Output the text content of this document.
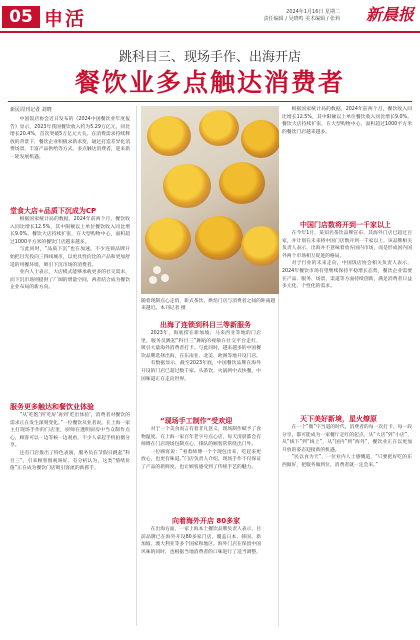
05 申活	2024年1月16日 星期二
责任编辑 / 吴晓鸣 美术编辑 / 张莉 新晨报
跳科目三、现场手作、出海开店
餐饮业多点触达消费者
新民周刊记者 刘晓

中国饭店协会近日发布的《2024中国餐饮业年度报告》显示，2023年我国餐饮收入约为5.29万亿元，同比增长20.4%，首次突破5万亿元大关。在消费需求持续释放的背景下，餐饮企业积极求新求变，通过打造差异化消费场景、丰富产品供给等方式，多点触达消费者，迎来新一轮发展机遇。

堂食大店+品质下沉成为CP

根据国家统计局的数据，2024年前两个月，餐饮收入同比增长12.5%，其中限额以上单位餐饮收入同比增长9.0%。餐饮大店持续扩张，在大型购物中心，面积超过1000平方米的餐饮门店越来越多。

与此同时，“品质下沉”也在加速。不少连锁品牌开始把目光投向三四线城市，以更具性价比的产品和更加舒适的用餐环境，吸引下沉市场的消费者。

业内人士表示，大店模式能够承载更多的社交需求，而下沉市场则提供了广阔的增量空间，两者结合成为餐饮企业布局的新方向。

服务更多触达和餐饮业体验

“从‘吃饱’到‘吃好’再到‘吃出体验’，消费者对餐饮的需求正在发生深刻变化。”一位餐饮从业者说。在上海一家主打现场手作的门店里，厨师在透明厨房中当众制作点心，顾客可以一边等候一边观看，不少人拿起手机拍摄分享。

还有门店推出了特色表演，服务员在节假日跳起“科目三”，引来顾客围观叫好。有分析认为，这类“情绪价值”正在成为餐饮门店吸引客流的新抓手。

随着现制点心走俏，新式茶饮、烘焙门店与消费者之间的距离越来越近。本刊记者 摄
出海了连锁到科目三等新服务

2023年，海底捞在新加坡、马来西亚等地的门店里，服务员跳起“科目三”舞蹈的视频在社交平台走红，吸引大量海外消费者打卡。与此同时，越来越多的中国餐饮品牌选择出海，在东南亚、北美、欧洲等地开设门店。

有数据显示，截至2023年底，中国餐饮品牌在海外开设的门店已超过数千家。从茶饮、火锅到中式快餐，中国味道正在走向世界。

“现场手工制作”受欢迎

对于一个美食而言有着非凡意义，现场制作赋予了食物温度。在上海一家百年老字号点心店，每天清晨都会有师傅在门店现场包制点心，排队的顾客常常绕出门外。

一位顾客说：“看着师傅一个个现包出来，吃起来更放心，也更有味道。”门店负责人介绍，现场手作不仅保证了产品的新鲜度，也让顾客感受到了传统手艺的魅力。

向着海外开店 80多家

在出海方面，一家上海本土餐饮品牌负责人表示，目前品牌已在海外开设80多家门店，覆盖日本、韩国、新加坡、澳大利亚等多个国家和地区。海外门店在保留中国风味的同时，也根据当地消费者的口味进行了适当调整。

根据国家统计局的数据，2024年前两个月，餐饮收入同比增长12.5%，其中限额以上单位餐饮收入同比增长9.0%。餐饮大店持续扩张，在大型购物中心，面积超过1000平方米的餐饮门店越来越多。

中国门店数将开到一千家以上

在今年1月，某知名茶饮品牌宣布，其海外门店已超过百家，并计划在未来将中国门店数开到一千家以上。该品牌相关负责人表示，出海并不意味着放弃国内市场，而是形成国内国外两个市场相互促进的格局。

对于行业的未来走向，中国饭店协会相关负责人表示，2024年餐饮市场有望继续保持平稳增长态势，餐饮企业需要在产品、服务、场景、渠道等方面持续创新，满足消费者日益多元化、个性化的需求。

天下美好新境，星火燎原

在一个“微”字当道的时代，消费者的每一次打卡、每一段分享，都可能成为一家餐厅走红的起点。从“大店”到“小店”，从“线下”到“线上”，从“国内”到“海外”，餐饮业正在以更加开放的姿态迎接新的机遇。

“民以食为天”，一位业内人士感慨道，“只要把好吃的东西做好，把服务做到位，消费者就一定会来。”
